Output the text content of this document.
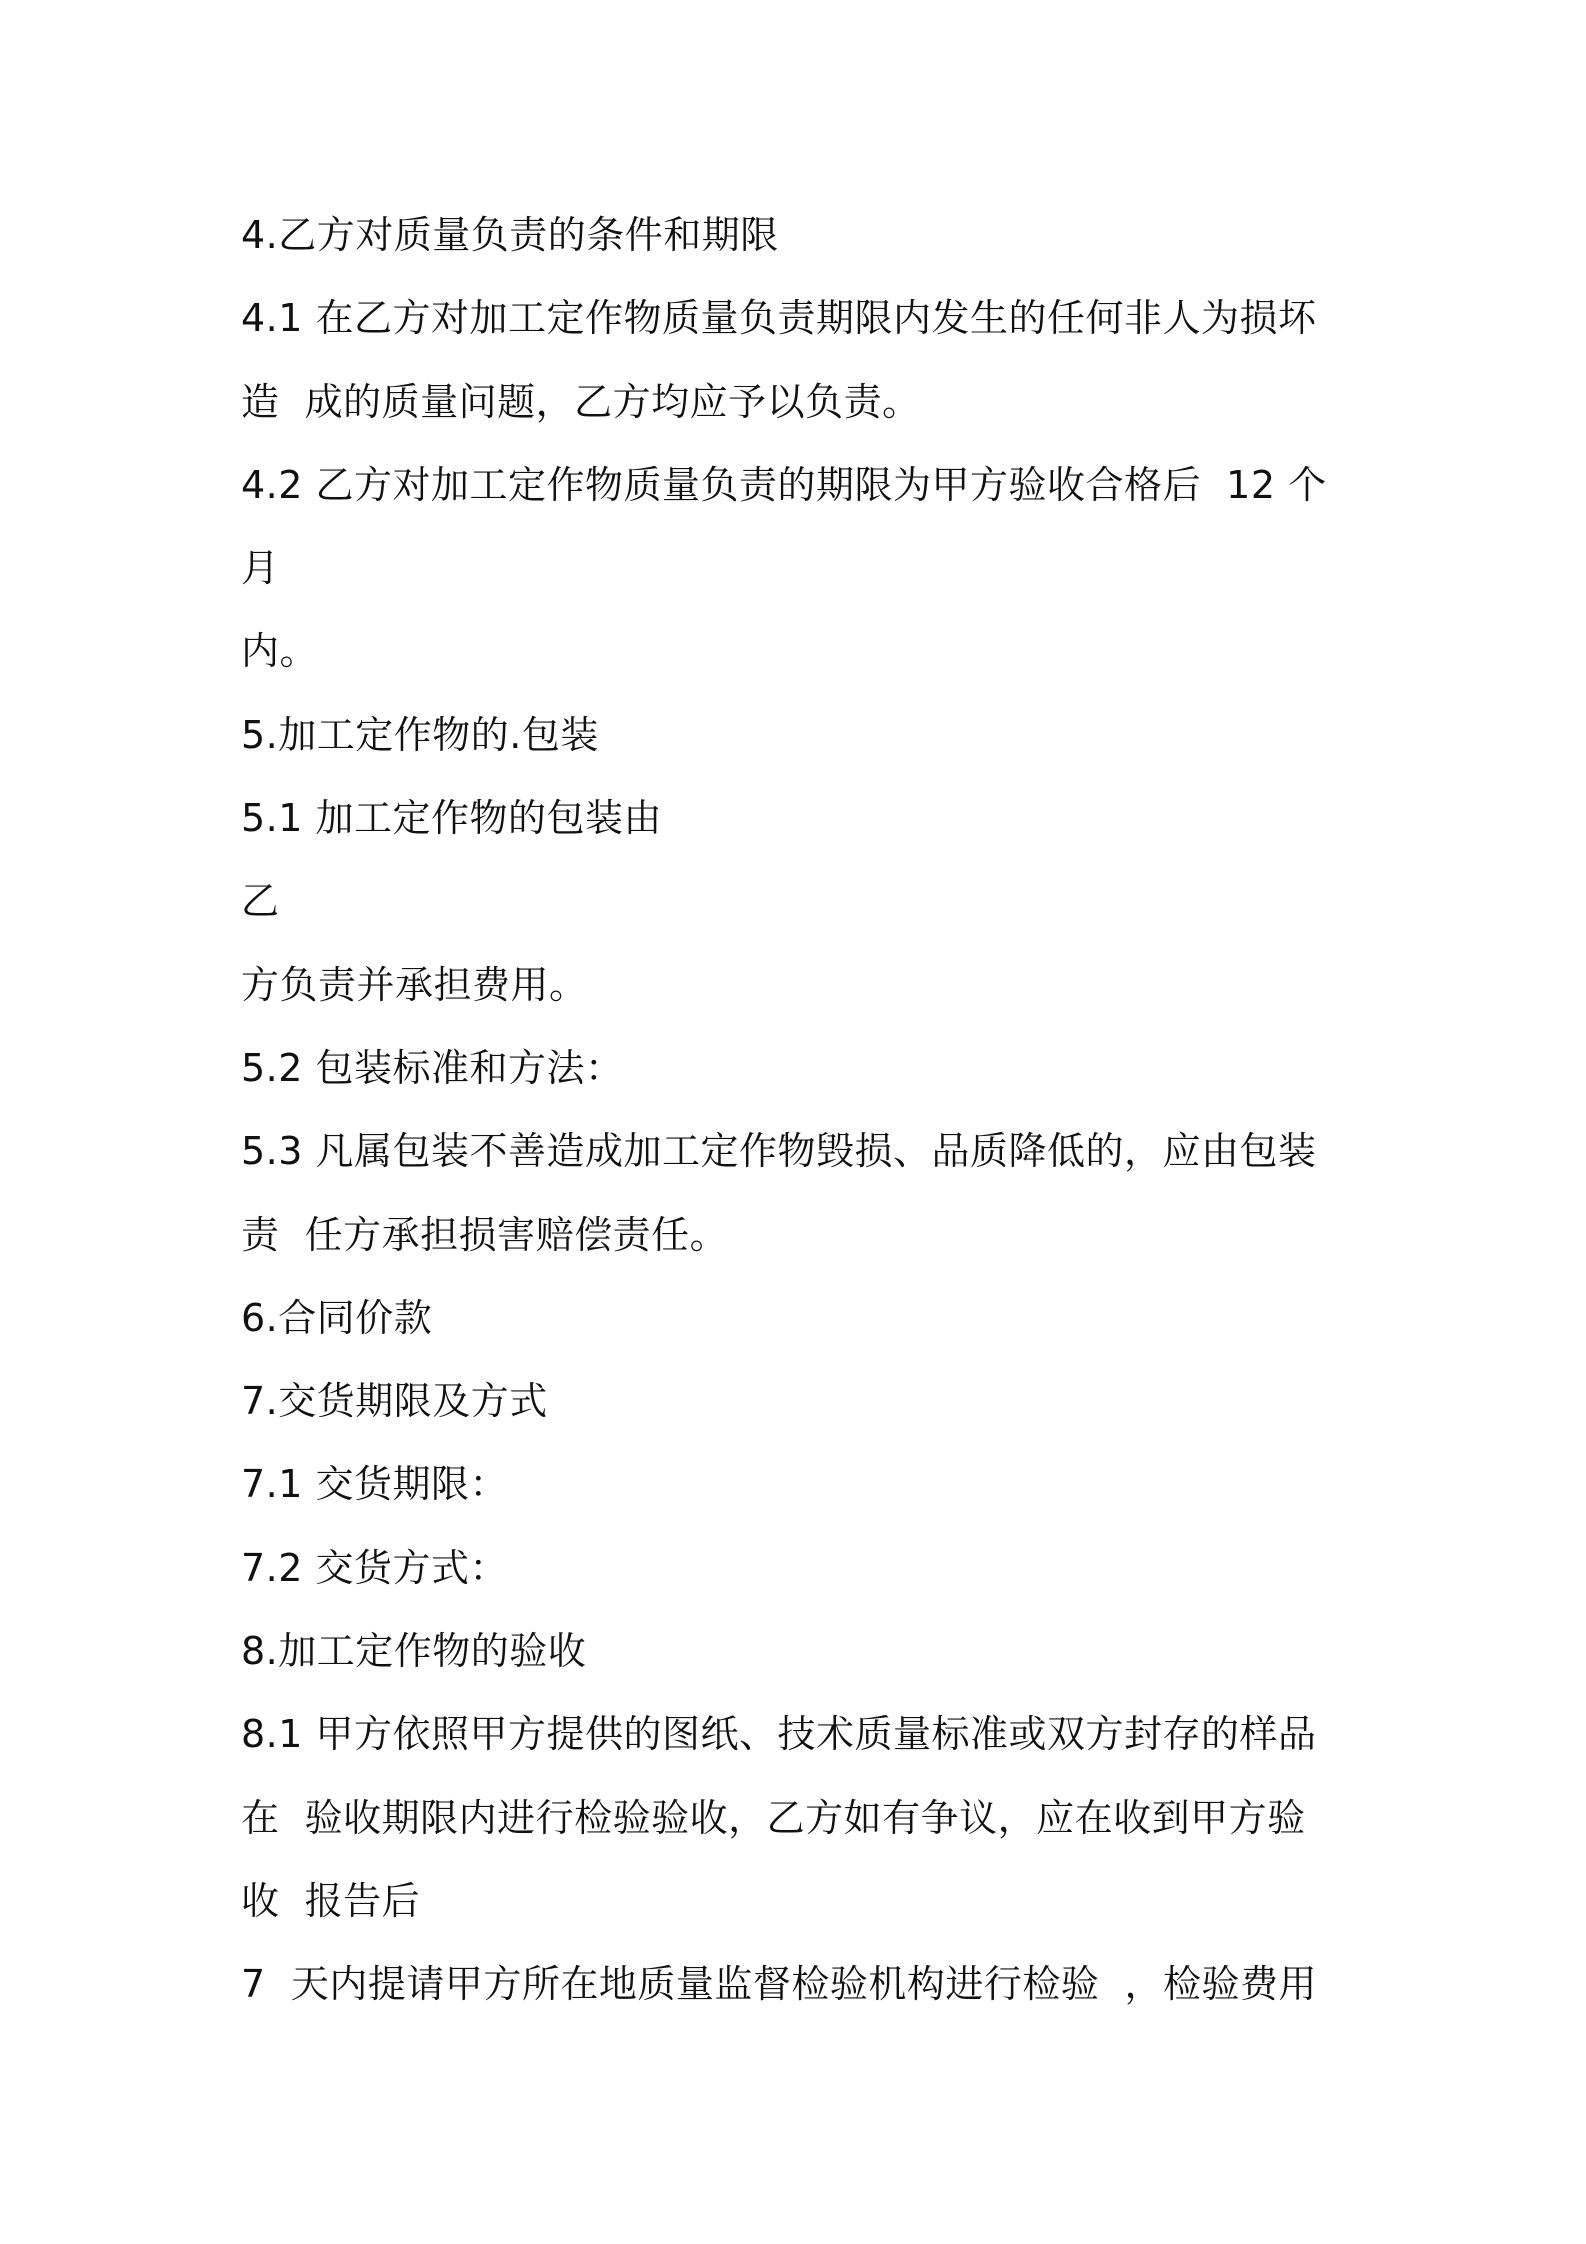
4.乙方对质量负责的条件和期限
4.1 在乙方对加工定作物质量负责期限内发生的任何非人为损坏
造  成的质量问题，乙方均应予以负责。
4.2 乙方对加工定作物质量负责的期限为甲方验收合格后  12 个
月
内。
5.加工定作物的.包装
5.1 加工定作物的包装由
乙
方负责并承担费用。
5.2 包装标准和方法：
5.3 凡属包装不善造成加工定作物毁损、品质降低的，应由包装
责  任方承担损害赔偿责任。
6.合同价款
7.交货期限及方式
7.1 交货期限：
7.2 交货方式：
8.加工定作物的验收
8.1 甲方依照甲方提供的图纸、技术质量标准或双方封存的样品
在  验收期限内进行检验验收，乙方如有争议，应在收到甲方验
收  报告后
7  天内提请甲方所在地质量监督检验机构进行检验  ，检验费用
